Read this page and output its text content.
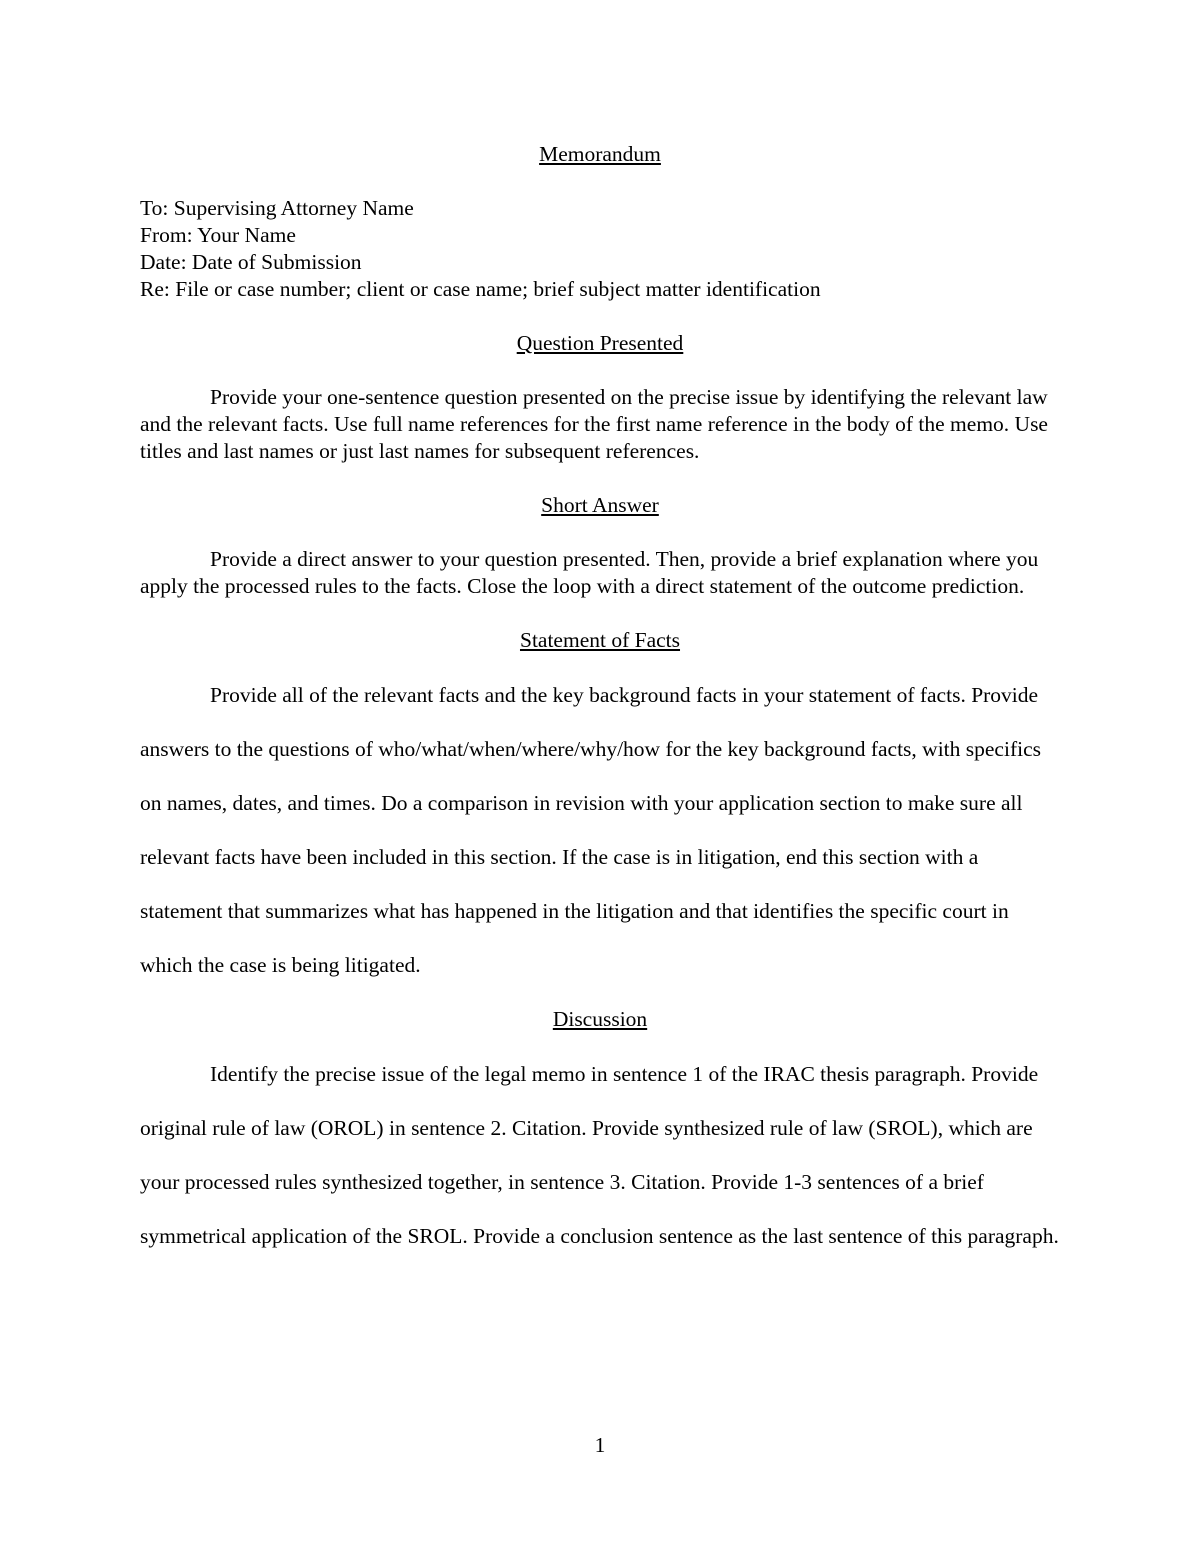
Memorandum

To: Supervising Attorney Name

From: Your Name

Date: Date of Submission

Re: File or case number; client or case name; brief subject matter identification

Question Presented

Provide your one-sentence question presented on the precise issue by identifying the relevant law and the relevant facts. Use full name references for the first name reference in the body of the memo. Use titles and last names or just last names for subsequent references.

Short Answer

Provide a direct answer to your question presented. Then, provide a brief explanation where you apply the processed rules to the facts. Close the loop with a direct statement of the outcome prediction.

Statement of Facts

Provide all of the relevant facts and the key background facts in your statement of facts. Provide answers to the questions of who/what/when/where/why/how for the key background facts, with specifics on names, dates, and times. Do a comparison in revision with your application section to make sure all relevant facts have been included in this section. If the case is in litigation, end this section with a statement that summarizes what has happened in the litigation and that identifies the specific court in which the case is being litigated.

Discussion

Identify the precise issue of the legal memo in sentence 1 of the IRAC thesis paragraph. Provide original rule of law (OROL) in sentence 2. Citation. Provide synthesized rule of law (SROL), which are your processed rules synthesized together, in sentence 3. Citation. Provide 1-3 sentences of a brief symmetrical application of the SROL. Provide a conclusion sentence as the last sentence of this paragraph.

1
